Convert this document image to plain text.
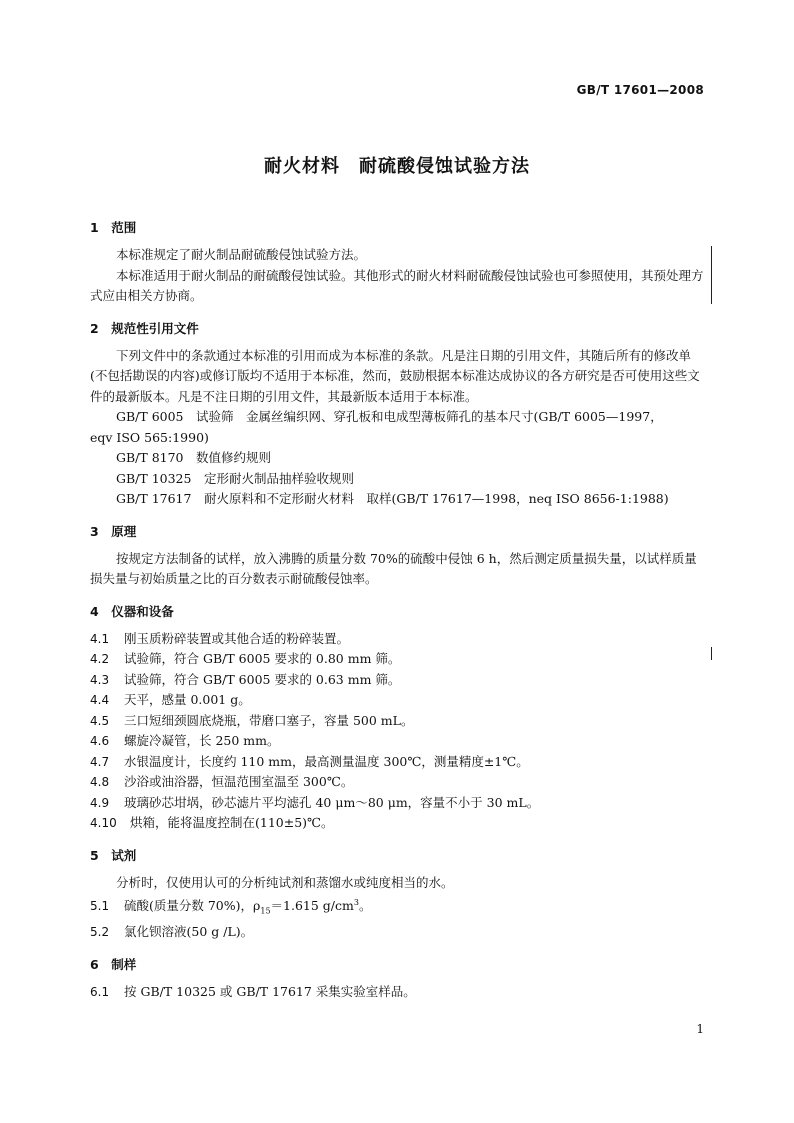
GB/T 17601—2008
耐火材料　耐硫酸侵蚀试验方法
1　范围
本标准规定了耐火制品耐硫酸侵蚀试验方法。
本标准适用于耐火制品的耐硫酸侵蚀试验。其他形式的耐火材料耐硫酸侵蚀试验也可参照使用，其预处理方式应由相关方协商。
2　规范性引用文件
下列文件中的条款通过本标准的引用而成为本标准的条款。凡是注日期的引用文件，其随后所有的修改单(不包括勘误的内容)或修订版均不适用于本标准，然而，鼓励根据本标准达成协议的各方研究是否可使用这些文件的最新版本。凡是不注日期的引用文件，其最新版本适用于本标准。
GB/T 6005　试验筛　金属丝编织网、穿孔板和电成型薄板筛孔的基本尺寸(GB/T 6005—1997，
eqv ISO 565:1990)
GB/T 8170　数值修约规则
GB/T 10325　定形耐火制品抽样验收规则
GB/T 17617　耐火原料和不定形耐火材料　取样(GB/T 17617—1998，neq ISO 8656-1:1988)
3　原理
按规定方法制备的试样，放入沸腾的质量分数 70%的硫酸中侵蚀 6 h，然后测定质量损失量，以试样质量损失量与初始质量之比的百分数表示耐硫酸侵蚀率。
4　仪器和设备
4.1 刚玉质粉碎装置或其他合适的粉碎装置。
4.2 试验筛，符合 GB/T 6005 要求的 0.80 mm 筛。
4.3 试验筛，符合 GB/T 6005 要求的 0.63 mm 筛。
4.4 天平，感量 0.001 g。
4.5 三口短细颈圆底烧瓶，带磨口塞子，容量 500 mL。
4.6 螺旋冷凝管，长 250 mm。
4.7 水银温度计，长度约 110 mm，最高测量温度 300℃，测量精度±1℃。
4.8 沙浴或油浴器，恒温范围室温至 300℃。
4.9 玻璃砂芯坩埚，砂芯滤片平均滤孔 40 μm～80 μm，容量不小于 30 mL。
4.10 烘箱，能将温度控制在(110±5)℃。
5　试剂
分析时，仅使用认可的分析纯试剂和蒸馏水或纯度相当的水。
5.1 硫酸(质量分数 70%)，$\rho_{15}=1.615$ $g/cm^3$。
5.2 氯化钡溶液(50 g /L)。
6　制样
6.1 按 GB/T 10325 或 GB/T 17617 采集实验室样品。
1
